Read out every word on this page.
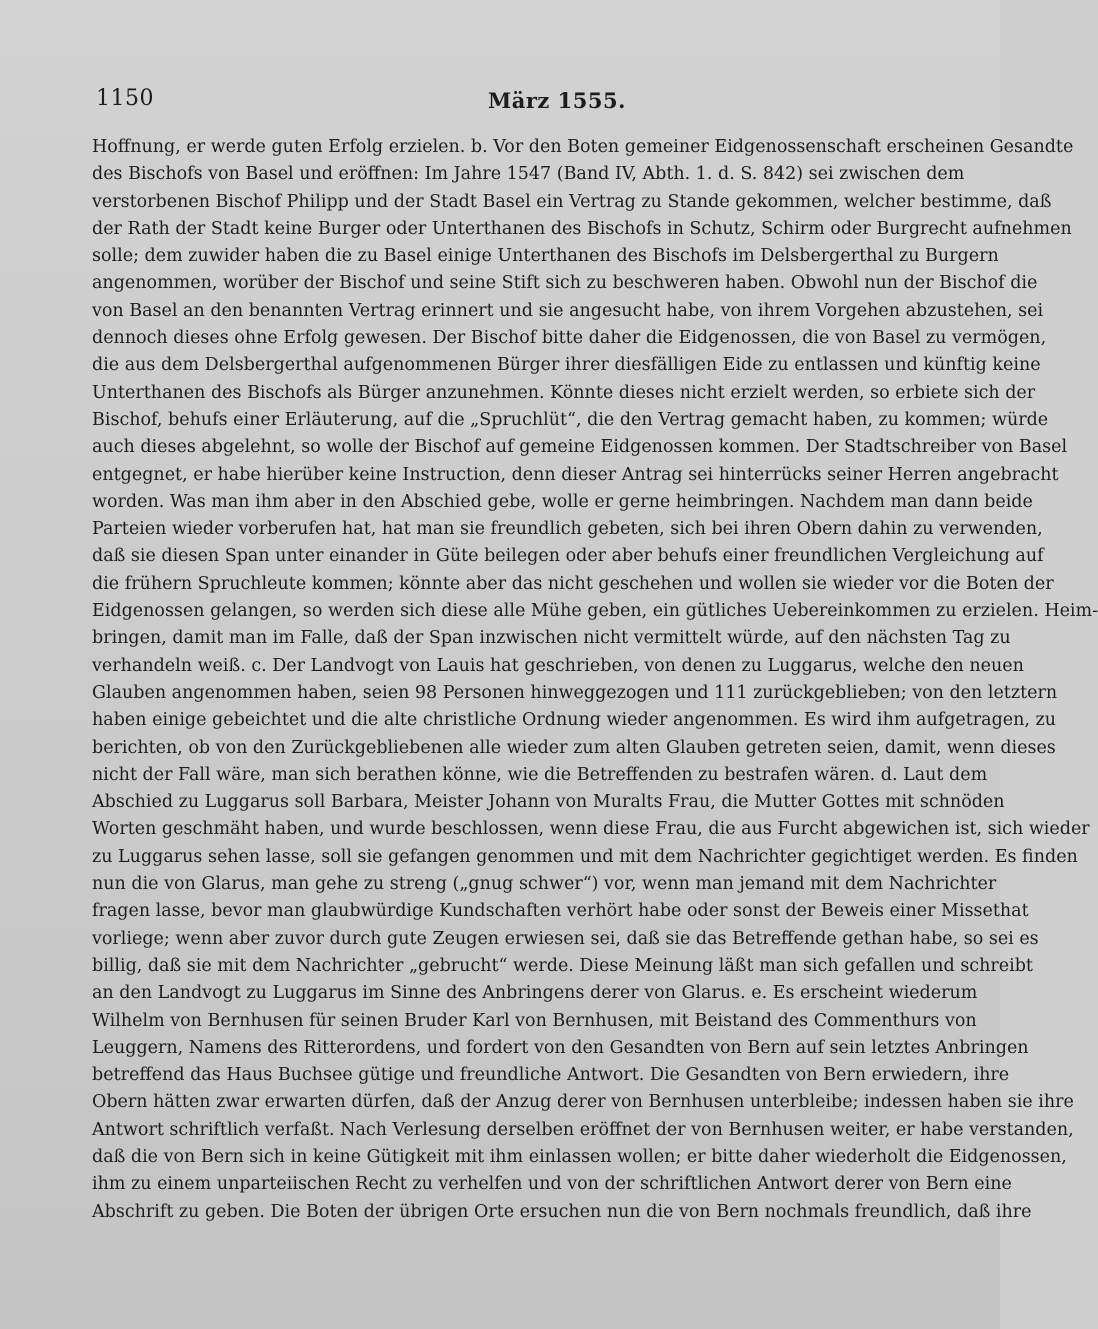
1150	März 1555.
Hoffnung, er werde guten Erfolg erzielen. b. Vor den Boten gemeiner Eidgenossenschaft erscheinen Gesandte
des Bischofs von Basel und eröffnen: Im Jahre 1547 (Band IV, Abth. 1. d. S. 842) sei zwischen dem
verstorbenen Bischof Philipp und der Stadt Basel ein Vertrag zu Stande gekommen, welcher bestimme, daß
der Rath der Stadt keine Burger oder Unterthanen des Bischofs in Schutz, Schirm oder Burgrecht aufnehmen
solle; dem zuwider haben die zu Basel einige Unterthanen des Bischofs im Delsbergerthal zu Burgern
angenommen, worüber der Bischof und seine Stift sich zu beschweren haben. Obwohl nun der Bischof die
von Basel an den benannten Vertrag erinnert und sie angesucht habe, von ihrem Vorgehen abzustehen, sei
dennoch dieses ohne Erfolg gewesen. Der Bischof bitte daher die Eidgenossen, die von Basel zu vermögen,
die aus dem Delsbergerthal aufgenommenen Bürger ihrer diesfälligen Eide zu entlassen und künftig keine
Unterthanen des Bischofs als Bürger anzunehmen. Könnte dieses nicht erzielt werden, so erbiete sich der
Bischof, behufs einer Erläuterung, auf die „Spruchlüt“, die den Vertrag gemacht haben, zu kommen; würde
auch dieses abgelehnt, so wolle der Bischof auf gemeine Eidgenossen kommen. Der Stadtschreiber von Basel
entgegnet, er habe hierüber keine Instruction, denn dieser Antrag sei hinterrücks seiner Herren angebracht
worden. Was man ihm aber in den Abschied gebe, wolle er gerne heimbringen. Nachdem man dann beide
Parteien wieder vorberufen hat, hat man sie freundlich gebeten, sich bei ihren Obern dahin zu verwenden,
daß sie diesen Span unter einander in Güte beilegen oder aber behufs einer freundlichen Vergleichung auf
die frühern Spruchleute kommen; könnte aber das nicht geschehen und wollen sie wieder vor die Boten der
Eidgenossen gelangen, so werden sich diese alle Mühe geben, ein gütliches Uebereinkommen zu erzielen. Heim-
bringen, damit man im Falle, daß der Span inzwischen nicht vermittelt würde, auf den nächsten Tag zu
verhandeln weiß. c. Der Landvogt von Lauis hat geschrieben, von denen zu Luggarus, welche den neuen
Glauben angenommen haben, seien 98 Personen hinweggezogen und 111 zurückgeblieben; von den letztern
haben einige gebeichtet und die alte christliche Ordnung wieder angenommen. Es wird ihm aufgetragen, zu
berichten, ob von den Zurückgebliebenen alle wieder zum alten Glauben getreten seien, damit, wenn dieses
nicht der Fall wäre, man sich berathen könne, wie die Betreffenden zu bestrafen wären. d. Laut dem
Abschied zu Luggarus soll Barbara, Meister Johann von Muralts Frau, die Mutter Gottes mit schnöden
Worten geschmäht haben, und wurde beschlossen, wenn diese Frau, die aus Furcht abgewichen ist, sich wieder
zu Luggarus sehen lasse, soll sie gefangen genommen und mit dem Nachrichter gegichtiget werden. Es finden
nun die von Glarus, man gehe zu streng („gnug schwer“) vor, wenn man jemand mit dem Nachrichter
fragen lasse, bevor man glaubwürdige Kundschaften verhört habe oder sonst der Beweis einer Missethat
vorliege; wenn aber zuvor durch gute Zeugen erwiesen sei, daß sie das Betreffende gethan habe, so sei es
billig, daß sie mit dem Nachrichter „gebrucht“ werde. Diese Meinung läßt man sich gefallen und schreibt
an den Landvogt zu Luggarus im Sinne des Anbringens derer von Glarus. e. Es erscheint wiederum
Wilhelm von Bernhusen für seinen Bruder Karl von Bernhusen, mit Beistand des Commenthurs von
Leuggern, Namens des Ritterordens, und fordert von den Gesandten von Bern auf sein letztes Anbringen
betreffend das Haus Buchsee gütige und freundliche Antwort. Die Gesandten von Bern erwiedern, ihre
Obern hätten zwar erwarten dürfen, daß der Anzug derer von Bernhusen unterbleibe; indessen haben sie ihre
Antwort schriftlich verfaßt. Nach Verlesung derselben eröffnet der von Bernhusen weiter, er habe verstanden,
daß die von Bern sich in keine Gütigkeit mit ihm einlassen wollen; er bitte daher wiederholt die Eidgenossen,
ihm zu einem unparteiischen Recht zu verhelfen und von der schriftlichen Antwort derer von Bern eine
Abschrift zu geben. Die Boten der übrigen Orte ersuchen nun die von Bern nochmals freundlich, daß ihre
